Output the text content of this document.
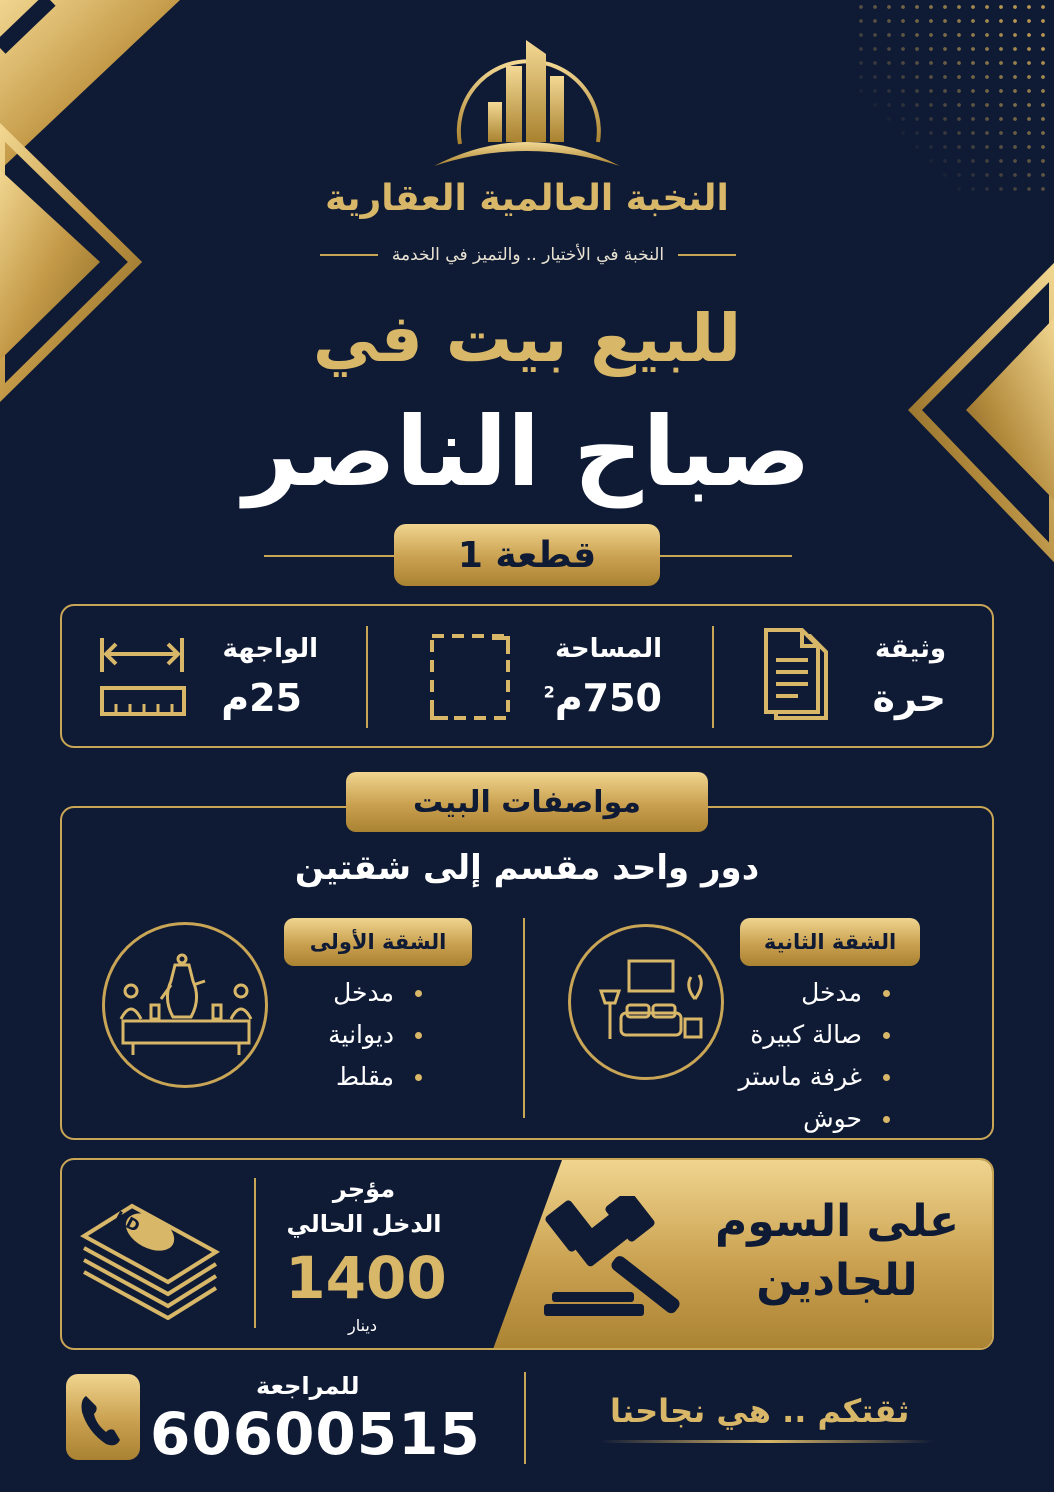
النخبة العالمية العقارية
النخبة في الأختيار .. والتميز في الخدمة
للبيع بيت في
صباح الناصر
قطعة 1
وثيقة
حرة
المساحة
750م$^2$
الواجهة
25م
مواصفات البيت
دور واحد مقسم إلى شقتين
الشقة الثانية
مدخل
صالة كبيرة
غرفة ماستر
حوش
الشقة الأولى
مدخل
ديوانية
مقلط
على السوم
للجادين
مؤجر
الدخل الحالي
1400
دينار
KD
للمراجعة
60600515	ثقتكم .. هي نجاحنا
